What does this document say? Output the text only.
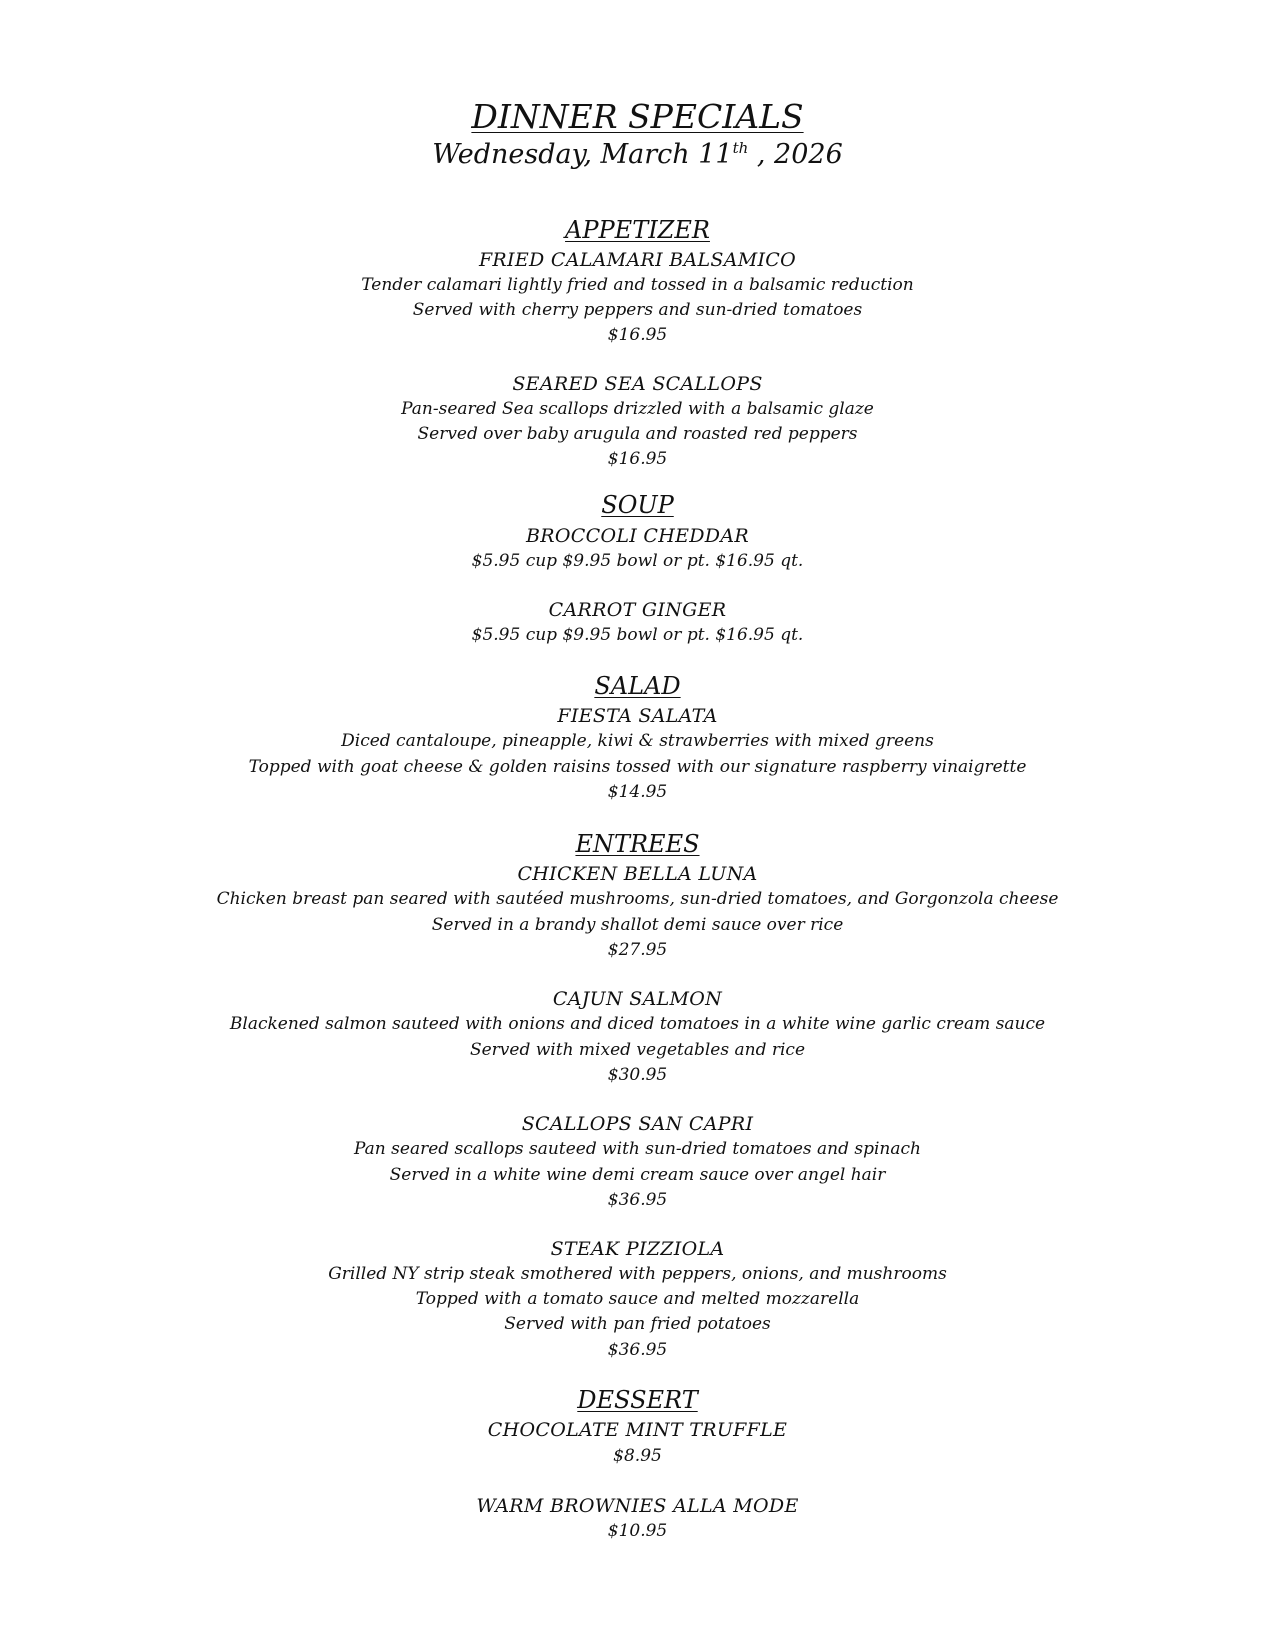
DINNER SPECIALS
Wednesday, March 11th , 2026
APPETIZER
FRIED CALAMARI BALSAMICO
Tender calamari lightly fried and tossed in a balsamic reduction
Served with cherry peppers and sun-dried tomatoes
$16.95
SEARED SEA SCALLOPS
Pan-seared Sea scallops drizzled with a balsamic glaze
Served over baby arugula and roasted red peppers
$16.95
SOUP
BROCCOLI CHEDDAR
$5.95 cup $9.95 bowl or pt. $16.95 qt.
CARROT GINGER
$5.95 cup $9.95 bowl or pt. $16.95 qt.
SALAD
FIESTA SALATA
Diced cantaloupe, pineapple, kiwi & strawberries with mixed greens
Topped with goat cheese & golden raisins tossed with our signature raspberry vinaigrette
$14.95
ENTREES
CHICKEN BELLA LUNA
Chicken breast pan seared with sautéed mushrooms, sun-dried tomatoes, and Gorgonzola cheese
Served in a brandy shallot demi sauce over rice
$27.95
CAJUN SALMON
Blackened salmon sauteed with onions and diced tomatoes in a white wine garlic cream sauce
Served with mixed vegetables and rice
$30.95
SCALLOPS SAN CAPRI
Pan seared scallops sauteed with sun-dried tomatoes and spinach
Served in a white wine demi cream sauce over angel hair
$36.95
STEAK PIZZIOLA
Grilled NY strip steak smothered with peppers, onions, and mushrooms
Topped with a tomato sauce and melted mozzarella
Served with pan fried potatoes
$36.95
DESSERT
CHOCOLATE MINT TRUFFLE
$8.95
WARM BROWNIES ALLA MODE
$10.95
